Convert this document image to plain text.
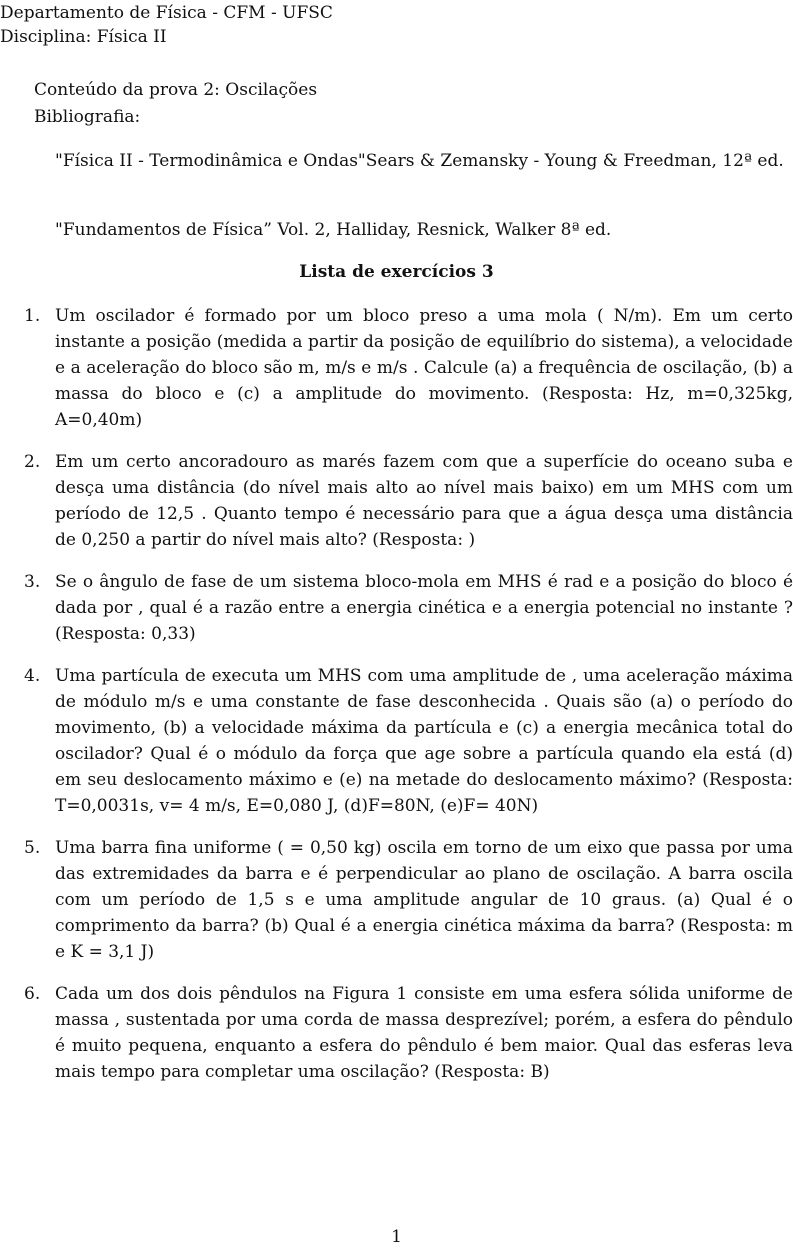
Departamento de Física - CFM - UFSC
Disciplina: Física II
Conteúdo da prova 2: Oscilações
Bibliografia:
"Física II - Termodinâmica e Ondas"Sears & Zemansky - Young & Freedman, 12ª ed.
"Fundamentos de Física” Vol. 2, Halliday, Resnick, Walker 8ª ed.
Lista de exercícios 3
1. Um oscilador é formado por um bloco preso a uma mola ( N/m). Em um certo instante a posição (medida a partir da posição de equilíbrio do sistema), a velocidade e a aceleração do bloco são m, m/s e m/s . Calcule (a) a frequência de oscilação, (b) a massa do bloco e (c) a amplitude do movimento. (Resposta: Hz, m=0,325kg, A=0,40m)
2. Em um certo ancoradouro as marés fazem com que a superfície do oceano suba e desça uma distância (do nível mais alto ao nível mais baixo) em um MHS com um período de 12,5 . Quanto tempo é necessário para que a água desça uma distância de 0,250 a partir do nível mais alto? (Resposta: )
3. Se o ângulo de fase de um sistema bloco-mola em MHS é rad e a posição do bloco é dada por , qual é a razão entre a energia cinética e a energia potencial no instante ? (Resposta: 0,33)
4. Uma partícula de executa um MHS com uma amplitude de , uma aceleração máxima de módulo m/s e uma constante de fase desconhecida . Quais são (a) o período do movimento, (b) a velocidade máxima da partícula e (c) a energia mecânica total do oscilador? Qual é o módulo da força que age sobre a partícula quando ela está (d) em seu deslocamento máximo e (e) na metade do deslocamento máximo? (Resposta: T=0,0031s, v= 4 m/s, E=0,080 J, (d)F=80N, (e)F= 40N)
5. Uma barra fina uniforme ( = 0,50 kg) oscila em torno de um eixo que passa por uma das extremidades da barra e é perpendicular ao plano de oscilação. A barra oscila com um período de 1,5 s e uma amplitude angular de 10 graus. (a) Qual é o comprimento da barra? (b) Qual é a energia cinética máxima da barra? (Resposta: m e K = 3,1 J)
6. Cada um dos dois pêndulos na Figura 1 consiste em uma esfera sólida uniforme de massa , sustentada por uma corda de massa desprezível; porém, a esfera do pêndulo é muito pequena, enquanto a esfera do pêndulo é bem maior. Qual das esferas leva mais tempo para completar uma oscilação? (Resposta: B)
1
